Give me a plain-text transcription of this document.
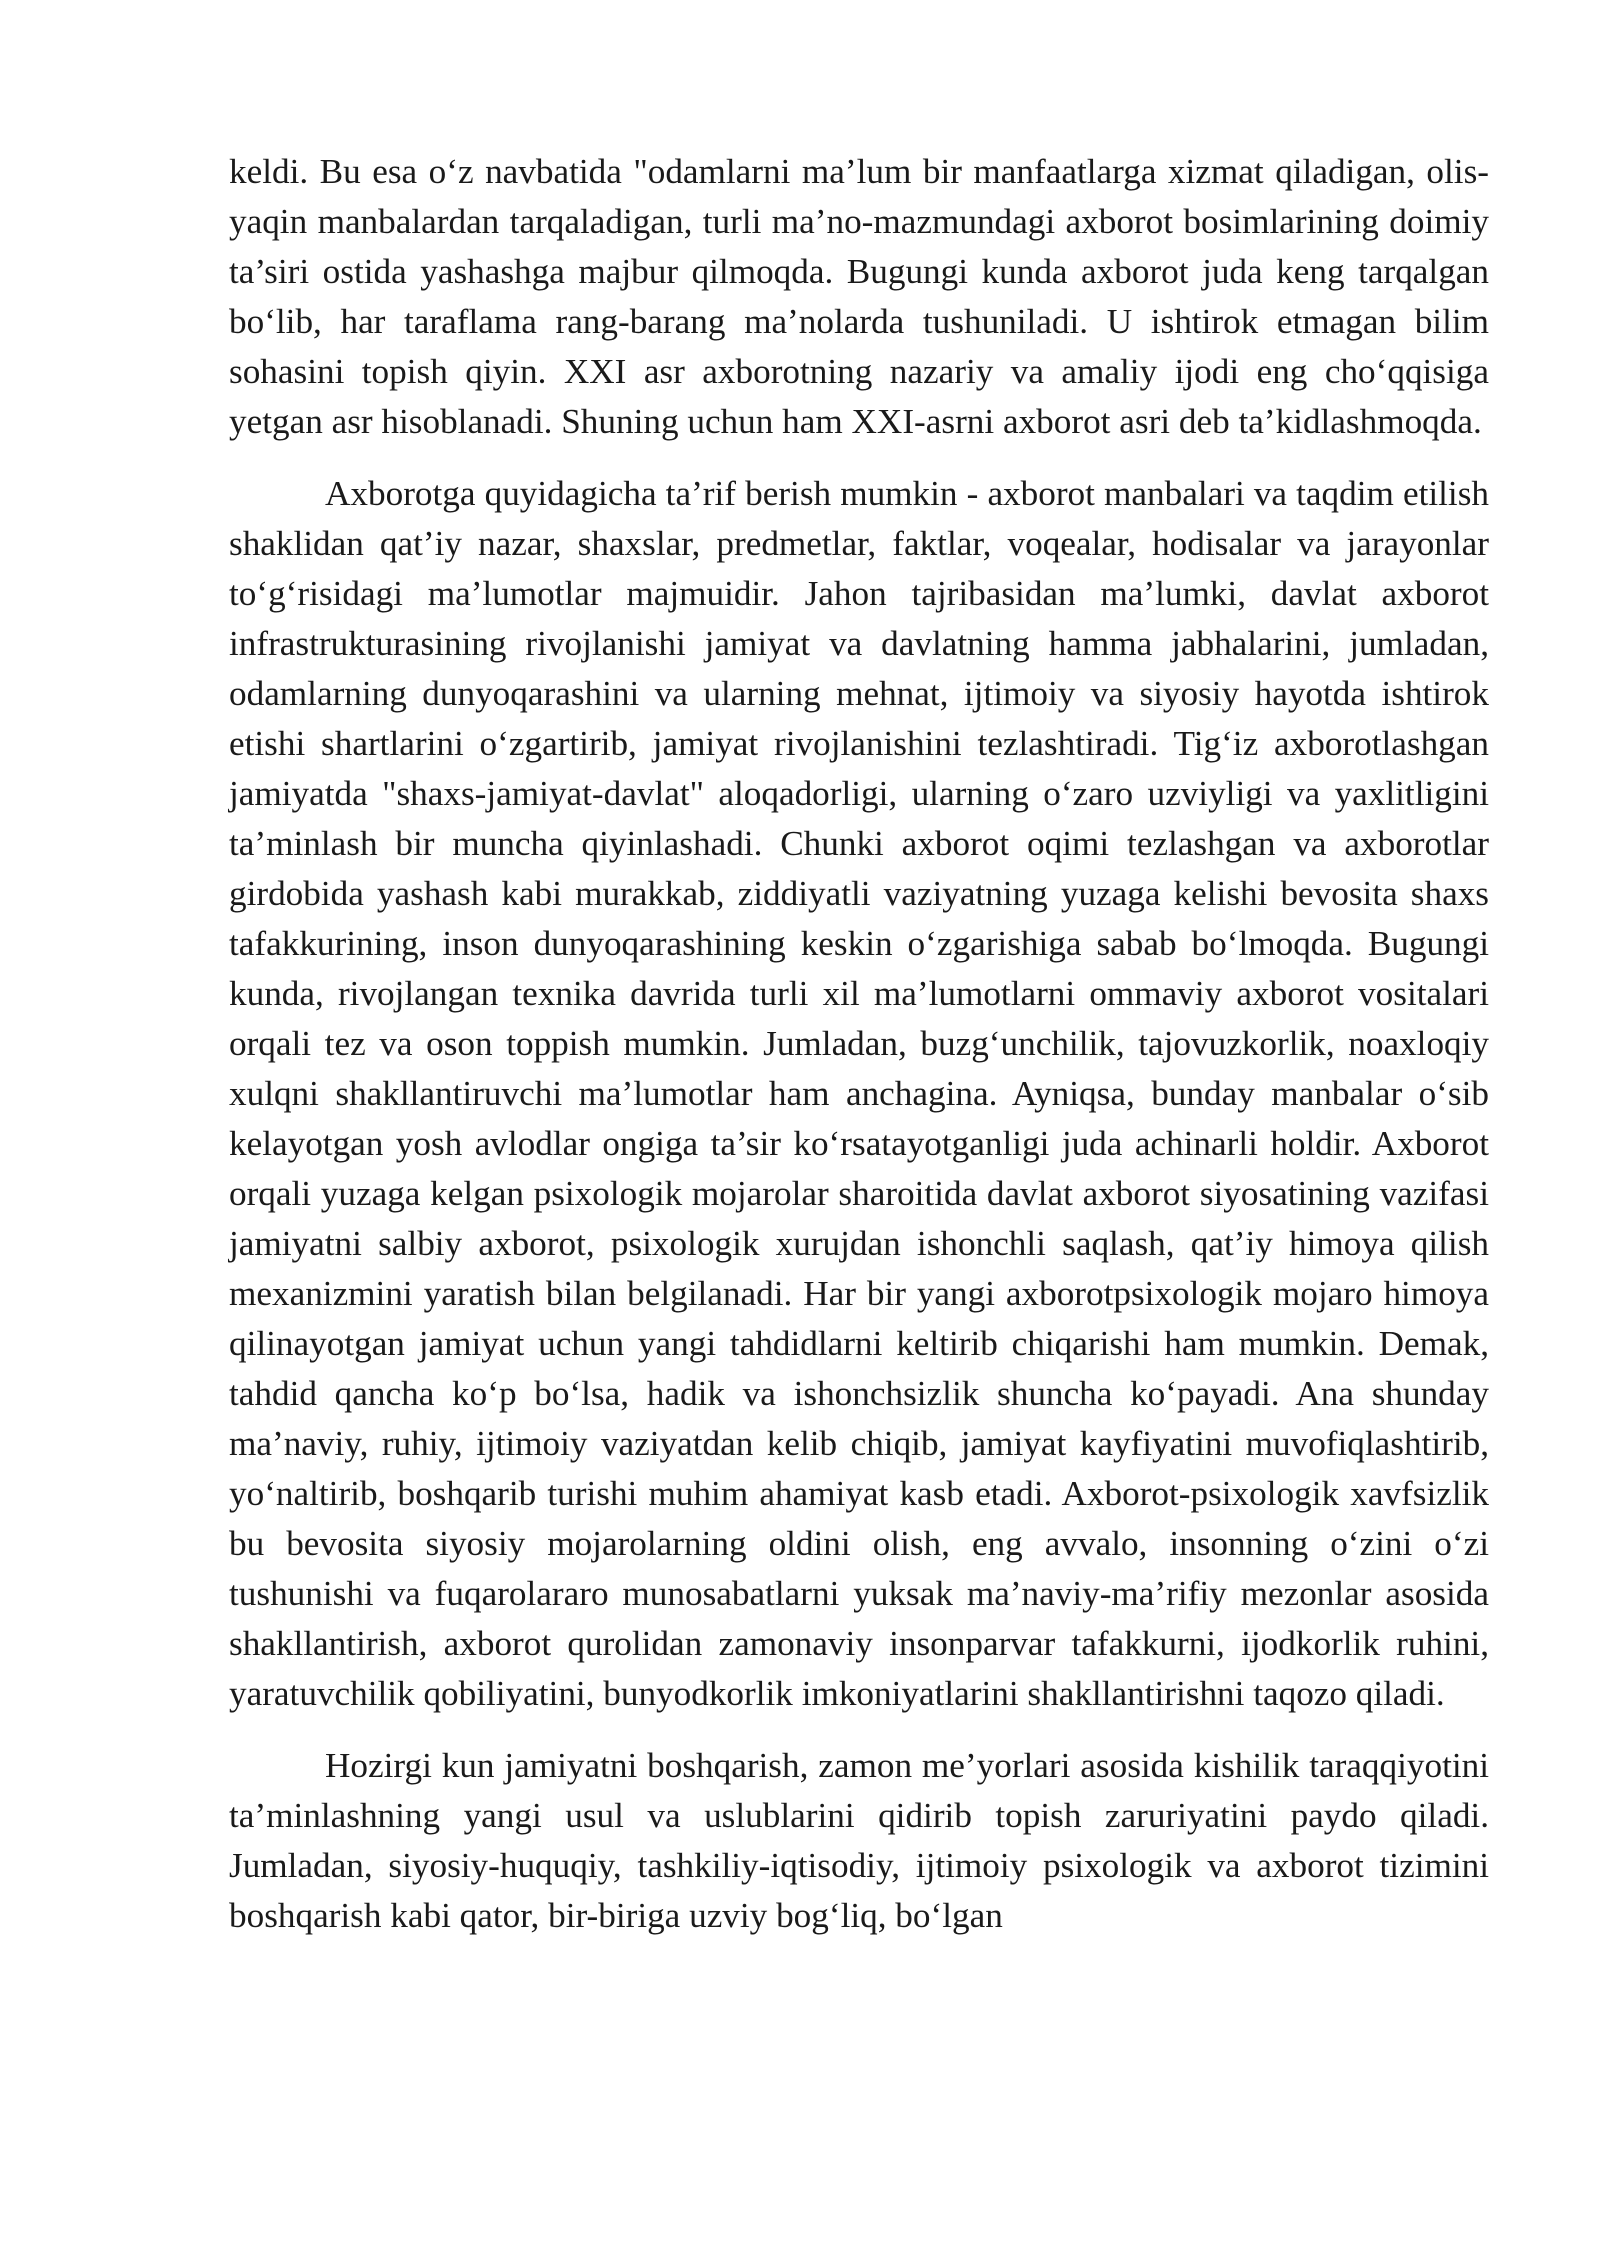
keldi. Bu esa o‘z navbatida "odamlarni ma’lum bir manfaatlarga xizmat qiladigan, olis-yaqin manbalardan tarqaladigan, turli ma’no-mazmundagi axborot bosimlarining doimiy ta’siri ostida yashashga majbur qilmoqda. Bugungi kunda axborot juda keng tarqalgan bo‘lib, har taraflama rang-barang ma’nolarda tushuniladi. U ishtirok etmagan bilim sohasini topish qiyin. XXI asr axborotning nazariy va amaliy ijodi eng cho‘qqisiga yetgan asr hisoblanadi. Shuning uchun ham XXI-asrni axborot asri deb ta’kidlashmoqda.

Axborotga quyidagicha ta’rif berish mumkin - axborot manbalari va taqdim etilish shaklidan qat’iy nazar, shaxslar, predmetlar, faktlar, voqealar, hodisalar va jarayonlar to‘g‘risidagi ma’lumotlar majmuidir. Jahon tajribasidan ma’lumki, davlat axborot infrastrukturasining rivojlanishi jamiyat va davlatning hamma jabhalarini, jumladan, odamlarning dunyoqarashini va ularning mehnat, ijtimoiy va siyosiy hayotda ishtirok etishi shartlarini o‘zgartirib, jamiyat rivojlanishini tezlashtiradi. Tig‘iz axborotlashgan jamiyatda "shaxs-jamiyat-davlat" aloqadorligi, ularning o‘zaro uzviyligi va yaxlitligini ta’minlash bir muncha qiyinlashadi. Chunki axborot oqimi tezlashgan va axborotlar girdobida yashash kabi murakkab, ziddiyatli vaziyatning yuzaga kelishi bevosita shaxs tafakkurining, inson dunyoqarashining keskin o‘zgarishiga sabab bo‘lmoqda. Bugungi kunda, rivojlangan texnika davrida turli xil ma’lumotlarni ommaviy axborot vositalari orqali tez va oson toppish mumkin. Jumladan, buzg‘unchilik, tajovuzkorlik, noaxloqiy xulqni shakllantiruvchi ma’lumotlar ham anchagina. Ayniqsa, bunday manbalar o‘sib kelayotgan yosh avlodlar ongiga ta’sir ko‘rsatayotganligi juda achinarli holdir. Axborot orqali yuzaga kelgan psixologik mojarolar sharoitida davlat axborot siyosatining vazifasi jamiyatni salbiy axborot, psixologik xurujdan ishonchli saqlash, qat’iy himoya qilish mexanizmini yaratish bilan belgilanadi. Har bir yangi axborotpsixologik mojaro himoya qilinayotgan jamiyat uchun yangi tahdidlarni keltirib chiqarishi ham mumkin. Demak, tahdid qancha ko‘p bo‘lsa, hadik va ishonchsizlik shuncha ko‘payadi. Ana shunday ma’naviy, ruhiy, ijtimoiy vaziyatdan kelib chiqib, jamiyat kayfiyatini muvofiqlashtirib, yo‘naltirib, boshqarib turishi muhim ahamiyat kasb etadi. Axborot-psixologik xavfsizlik bu bevosita siyosiy mojarolarning oldini olish, eng avvalo, insonning o‘zini o‘zi tushunishi va fuqarolararo munosabatlarni yuksak ma’naviy-ma’rifiy mezonlar asosida shakllantirish, axborot qurolidan zamonaviy insonparvar tafakkurni, ijodkorlik ruhini, yaratuvchilik qobiliyatini, bunyodkorlik imkoniyatlarini shakllantirishni taqozo qiladi.

Hozirgi kun jamiyatni boshqarish, zamon me’yorlari asosida kishilik taraqqiyotini ta’minlashning yangi usul va uslublarini qidirib topish zaruriyatini paydo qiladi. Jumladan, siyosiy-huquqiy, tashkiliy-iqtisodiy, ijtimoiy psixologik va axborot tizimini boshqarish kabi qator, bir-biriga uzviy bog‘liq, bo‘lgan
